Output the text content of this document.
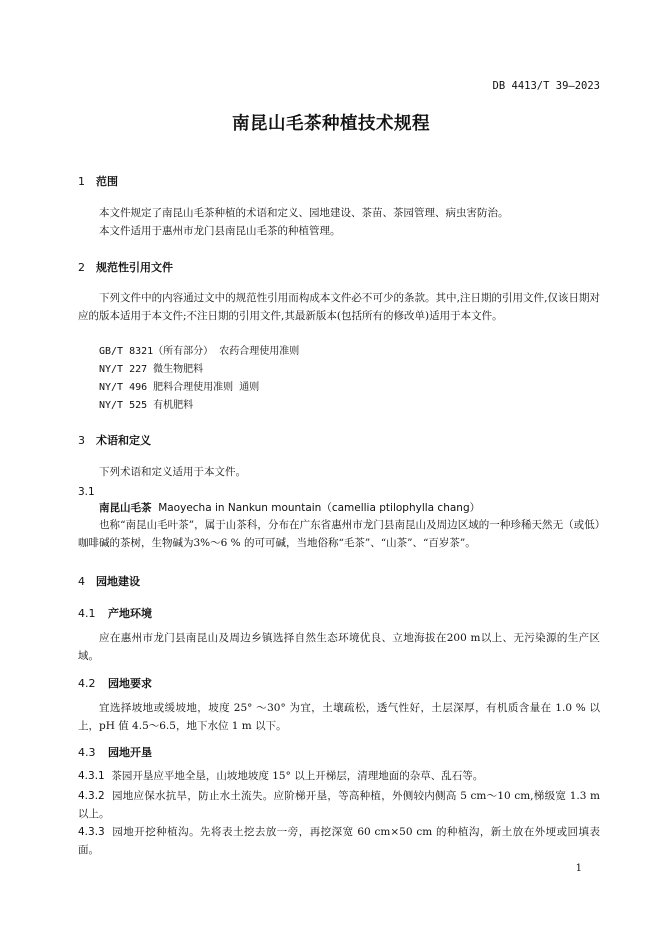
DB 4413/T 39—2023
南昆山毛茶种植技术规程
1 范围
本文件规定了南昆山毛茶种植的术语和定义、园地建设、茶苗、茶园管理、病虫害防治。
本文件适用于惠州市龙门县南昆山毛茶的种植管理。
2 规范性引用文件
下列文件中的内容通过文中的规范性引用而构成本文件必不可少的条款。其中,注日期的引用文件,仅该日期对应的版本适用于本文件;不注日期的引用文件,其最新版本(包括所有的修改单)适用于本文件。
GB/T 8321（所有部分） 农药合理使用准则
NY/T 227 微生物肥料
NY/T 496 肥料合理使用准则 通则
NY/T 525 有机肥料
3 术语和定义
下列术语和定义适用于本文件。
3.1
南昆山毛茶 Maoyecha in Nankun mountain（camellia ptilophylla chang）
也称“南昆山毛叶茶”，属于山茶科，分布在广东省惠州市龙门县南昆山及周边区域的一种珍稀天然无（或低）咖啡碱的茶树，生物碱为3%～6 % 的可可碱，当地俗称“毛茶”、“山茶”、“百岁茶”。
4 园地建设
4.1 产地环境
应在惠州市龙门县南昆山及周边乡镇选择自然生态环境优良、立地海拔在200 m以上、无污染源的生产区域。
4.2 园地要求
宜选择坡地或缓坡地，坡度 25° ～30° 为宜，土壤疏松，透气性好，土层深厚，有机质含量在 1.0 % 以上，pH 值 4.5～6.5，地下水位 1 m 以下。
4.3 园地开垦
4.3.1 茶园开垦应平地全垦，山坡地坡度 15° 以上开梯层，清理地面的杂草、乱石等。
4.3.2 园地应保水抗旱，防止水土流失。应阶梯开垦，等高种植，外侧较内侧高 5 cm～10 cm,梯级宽 1.3 m 以上。
4.3.3 园地开挖种植沟。先将表土挖去放一旁，再挖深宽 60 cm×50 cm 的种植沟，新土放在外埂或回填表面。
1
